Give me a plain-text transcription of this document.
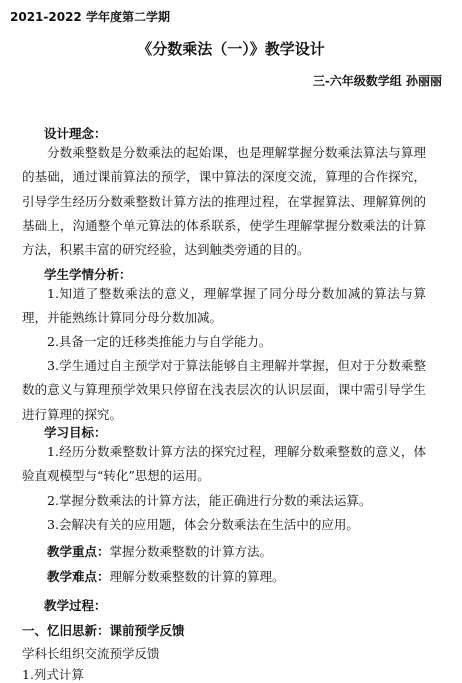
2021-2022 学年度第二学期
《分数乘法（一）》教学设计
三-六年级数学组 孙丽丽
设计理念：
分数乘整数是分数乘法的起始课，也是理解掌握分数乘法算法与算理的基础，通过课前算法的预学，课中算法的深度交流，算理的合作探究，引导学生经历分数乘整数计算方法的推理过程，在掌握算法、理解算例的基础上，沟通整个单元算法的体系联系，使学生理解掌握分数乘法的计算方法，积累丰富的研究经验，达到触类旁通的目的。
学生学情分析：
1.知道了整数乘法的意义，理解掌握了同分母分数加减的算法与算理，并能熟练计算同分母分数加减。
2.具备一定的迁移类推能力与自学能力。
3.学生通过自主预学对于算法能够自主理解并掌握，但对于分数乘整数的意义与算理预学效果只停留在浅表层次的认识层面，课中需引导学生进行算理的探究。
学习目标：
1.经历分数乘整数计算方法的探究过程，理解分数乘整数的意义，体验直观模型与“转化”思想的运用。
2.掌握分数乘法的计算方法，能正确进行分数的乘法运算。
3.会解决有关的应用题，体会分数乘法在生活中的应用。
教学重点：掌握分数乘整数的计算方法。
教学难点：理解分数乘整数的计算的算理。
教学过程：
一、忆旧思新：课前预学反馈
学科长组织交流预学反馈
1.列式计算
